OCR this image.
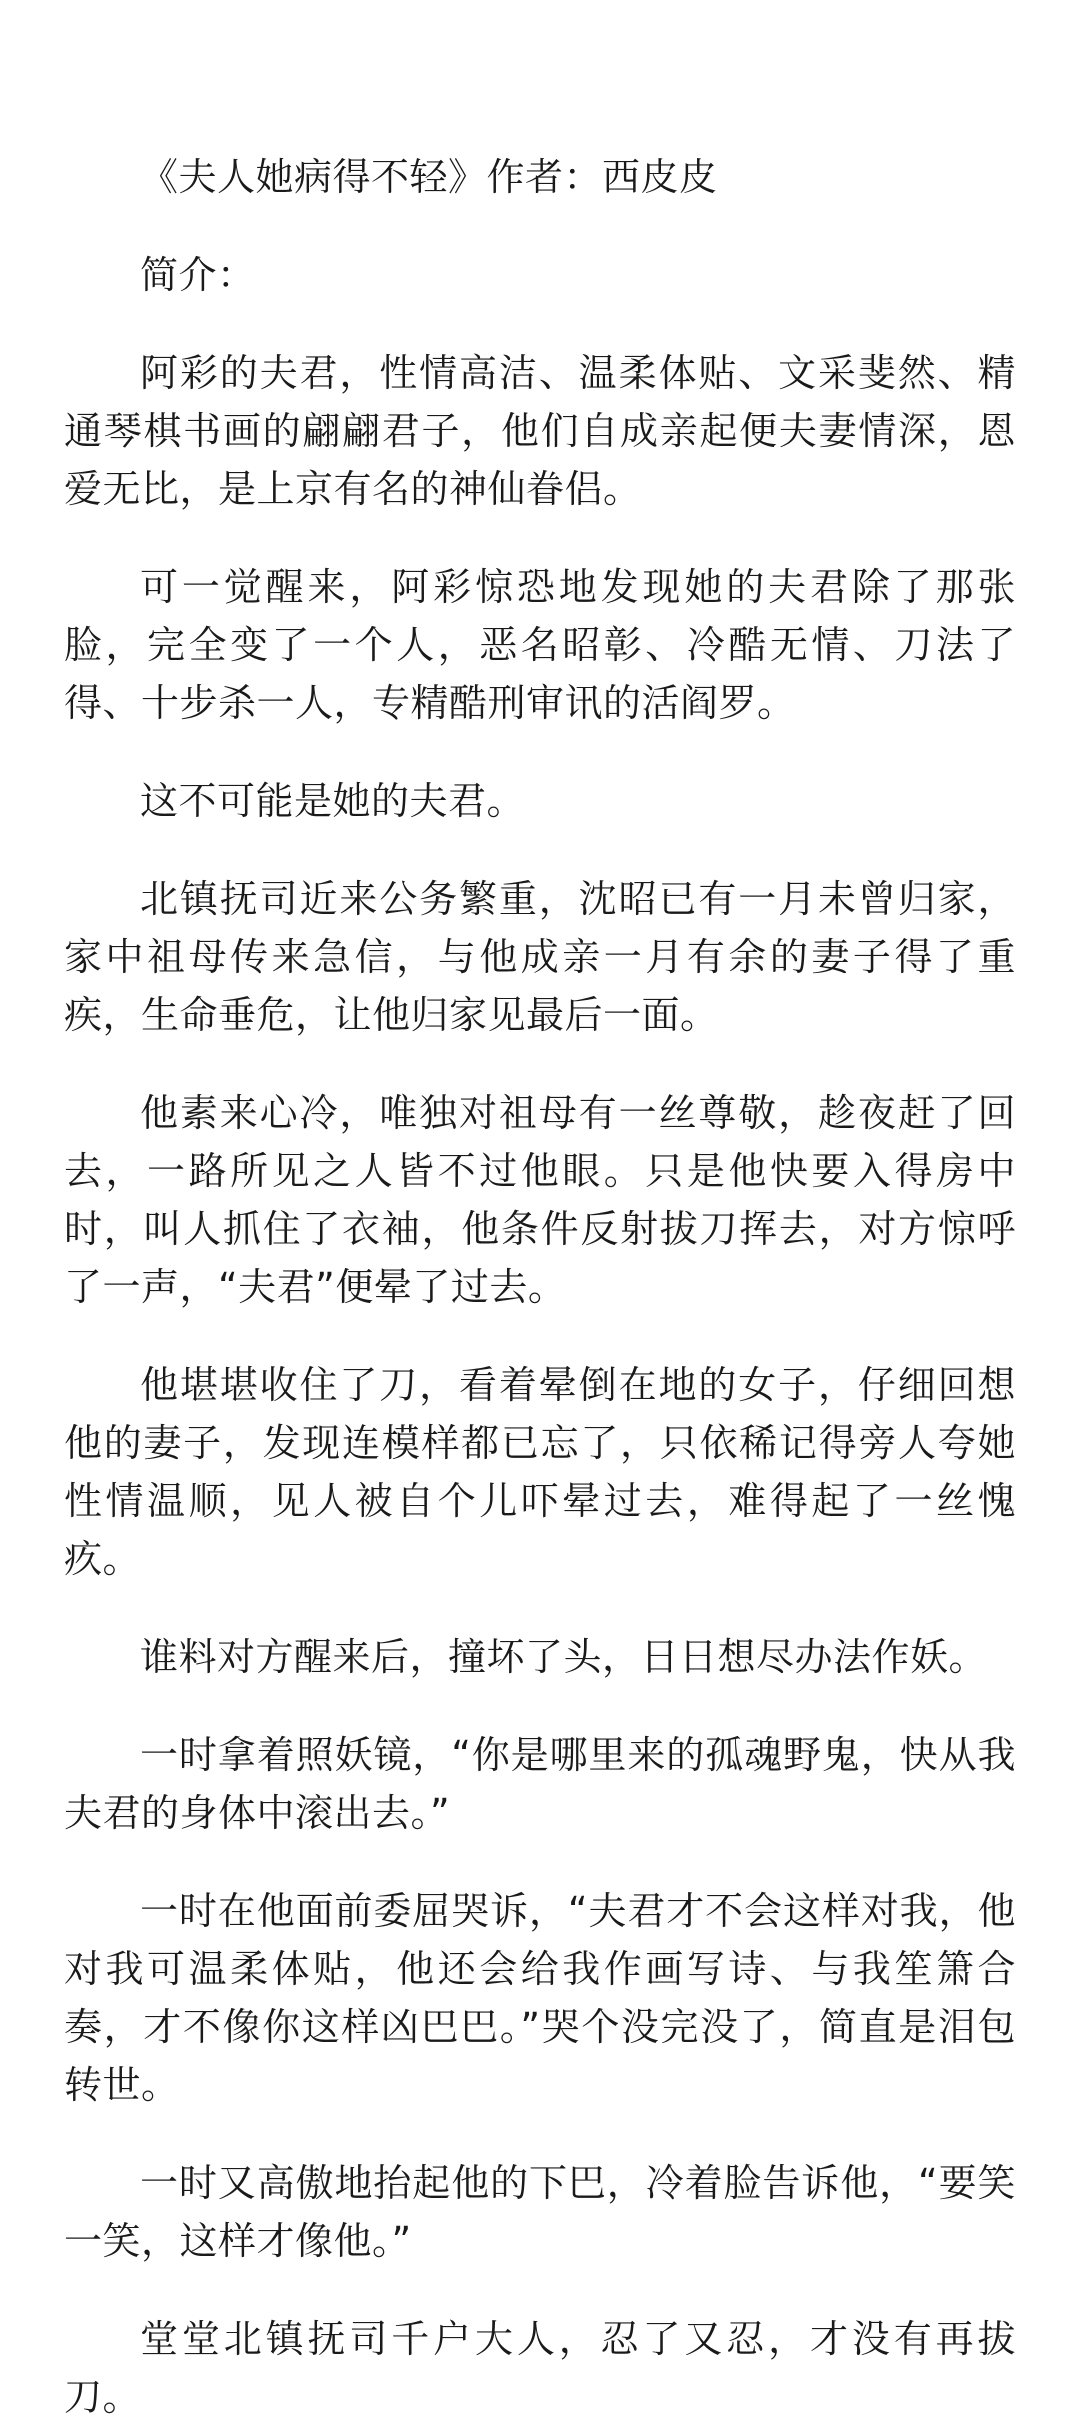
《夫人她病得不轻》作者：西皮皮

简介：

阿彩的夫君，性情高洁、温柔体贴、文采斐然、精通琴棋书画的翩翩君子，他们自成亲起便夫妻情深，恩爱无比，是上京有名的神仙眷侣。

可一觉醒来，阿彩惊恐地发现她的夫君除了那张脸，完全变了一个人，恶名昭彰、冷酷无情、刀法了得、十步杀一人，专精酷刑审讯的活阎罗。

这不可能是她的夫君。

北镇抚司近来公务繁重，沈昭已有一月未曾归家，家中祖母传来急信，与他成亲一月有余的妻子得了重疾，生命垂危，让他归家见最后一面。

他素来心冷，唯独对祖母有一丝尊敬，趁夜赶了回去，一路所见之人皆不过他眼。只是他快要入得房中时，叫人抓住了衣袖，他条件反射拔刀挥去，对方惊呼了一声，“夫君”便晕了过去。

他堪堪收住了刀，看着晕倒在地的女子，仔细回想他的妻子，发现连模样都已忘了，只依稀记得旁人夸她性情温顺，见人被自个儿吓晕过去，难得起了一丝愧疚。

谁料对方醒来后，撞坏了头，日日想尽办法作妖。

一时拿着照妖镜，“你是哪里来的孤魂野鬼，快从我夫君的身体中滚出去。”

一时在他面前委屈哭诉，“夫君才不会这样对我，他对我可温柔体贴，他还会给我作画写诗、与我笙箫合奏，才不像你这样凶巴巴。”哭个没完没了，简直是泪包转世。

一时又高傲地抬起他的下巴，冷着脸告诉他，“要笑一笑，这样才像他。”

堂堂北镇抚司千户大人，忍了又忍，才没有再拔刀。
